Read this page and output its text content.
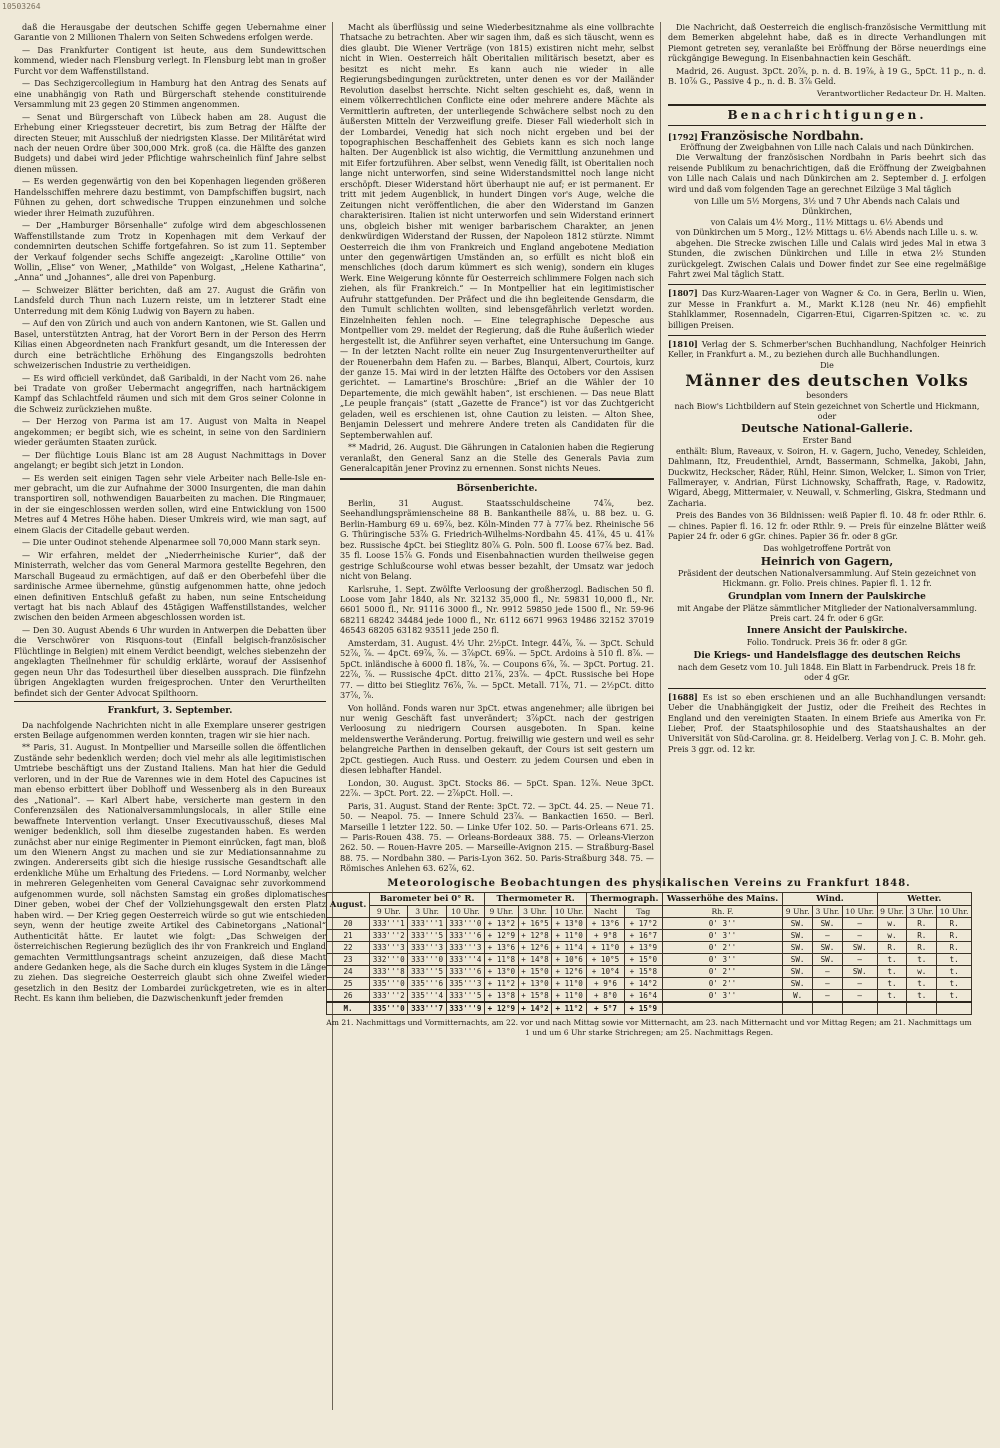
10503264

daß die Herausgabe der deutschen Schiffe gegen Uebernahme einer Garantie von 2 Millionen Thalern von Seiten Schwedens erfolgen werde.

— Das Frankfurter Contigent ist heute, aus dem Sundewittschen kommend, wieder nach Flensburg verlegt. In Flensburg lebt man in großer Furcht vor dem Waffenstillstand.

— Das Sechzigercollegium in Hamburg hat den Antrag des Senats auf eine unabhängig von Rath und Bürgerschaft stehende constituirende Versammlung mit 23 gegen 20 Stimmen angenommen.

— Senat und Bürgerschaft von Lübeck haben am 28. August die Erhebung einer Kriegssteuer decretirt, bis zum Betrag der Hälfte der directen Steuer, mit Ausschluß der niedrigsten Klasse. Der Militärétat wird nach der neuen Ordre über 300,000 Mrk. groß (ca. die Hälfte des ganzen Budgets) und dabei wird jeder Pflichtige wahrscheinlich fünf Jahre selbst dienen müssen.

— Es werden gegenwärtig von den bei Kopenhagen liegenden größeren Handelsschiffen mehrere dazu bestimmt, von Dampfschiffen bugsirt, nach Fühnen zu gehen, dort schwedische Truppen einzunehmen und solche wieder ihrer Heimath zuzuführen.

— Der „Hamburger Börsenhalle“ zufolge wird dem abgeschlossenen Waffenstillstande zum Trotz in Kopenhagen mit dem Verkauf der condemnirten deutschen Schiffe fortgefahren. So ist zum 11. September der Verkauf folgender sechs Schiffe angezeigt: „Karoline Ottilie“ von Wollin, „Elise“ von Wener, „Mathilde“ von Wolgast, „Helene Katharina“, „Anna“ und „Johannes“, alle drei von Papenburg.

— Schweizer Blätter berichten, daß am 27. August die Gräfin von Landsfeld durch Thun nach Luzern reiste, um in letzterer Stadt eine Unterredung mit dem König Ludwig von Bayern zu haben.

— Auf den von Zürich und auch von andern Kantonen, wie St. Gallen und Basel, unterstützten Antrag, hat der Vorort Bern in der Person des Herrn Kilias einen Abgeordneten nach Frankfurt gesandt, um die Interessen der durch eine beträchtliche Erhöhung des Eingangszolls bedrohten schweizerischen Industrie zu vertheidigen.

— Es wird officiell verkündet, daß Garibaldi, in der Nacht vom 26. nahe bei Tradate von großer Uebermacht angegriffen, nach hartnäckigem Kampf das Schlachtfeld räumen und sich mit dem Gros seiner Colonne in die Schweiz zurückziehen mußte.

— Der Herzog von Parma ist am 17. August von Malta in Neapel angekommen; er begibt sich, wie es scheint, in seine von den Sardiniern wieder geräumten Staaten zurück.

— Der flüchtige Louis Blanc ist am 28 August Nachmittags in Dover angelangt; er begibt sich jetzt in London.

— Es werden seit einigen Tagen sehr viele Arbeiter nach Belle-Isle en-mer gebracht, um die zur Aufnahme der 3000 Insurgenten, die man dahin transportiren soll, nothwendigen Bauarbeiten zu machen. Die Ringmauer, in der sie eingeschlossen werden sollen, wird eine Entwicklung von 1500 Metres auf 4 Metres Höhe haben. Dieser Umkreis wird, wie man sagt, auf einem Glacis der Citadelle gebaut werden.

— Die unter Oudinot stehende Alpenarmee soll 70,000 Mann stark seyn.

— Wir erfahren, meldet der „Niederrheinische Kurier“, daß der Ministerrath, welcher das vom General Marmora gestellte Begehren, den Marschall Bugeaud zu ermächtigen, auf daß er den Oberbefehl über die sardinische Armee übernehme, günstig aufgenommen hatte, ohne jedoch einen definitiven Entschluß gefaßt zu haben, nun seine Entscheidung vertagt hat bis nach Ablauf des 45tägigen Waffenstillstandes, welcher zwischen den beiden Armeen abgeschlossen worden ist.

— Den 30. August Abends 6 Uhr wurden in Antwerpen die Debatten über die Verschwörer von Risquons-tout (Einfall belgisch-französischer Flüchtlinge in Belgien) mit einem Verdict beendigt, welches siebenzehn der angeklagten Theilnehmer für schuldig erklärte, worauf der Assisenhof gegen neun Uhr das Todesurtheil über dieselben aussprach. Die fünfzehn übrigen Angeklagten wurden freigesprochen. Unter den Verurtheilten befindet sich der Genter Advocat Spilthoorn.

Frankfurt, 3. September.

Da nachfolgende Nachrichten nicht in alle Exemplare unserer gestrigen ersten Beilage aufgenommen werden konnten, tragen wir sie hier nach.

** Paris, 31. August. In Montpellier und Marseille sollen die öffentlichen Zustände sehr bedenklich werden; doch viel mehr als alle legitimistischen Umtriebe beschäftigt uns der Zustand Italiens. Man hat hier die Geduld verloren, und in der Rue de Varennes wie in dem Hotel des Capucines ist man ebenso erbittert über Doblhoff und Wessenberg als in den Bureaux des „National“. — Karl Albert habe, versicherte man gestern in den Conferenzsälen des Nationalversammlungslocals, in aller Stille eine bewaffnete Intervention verlangt. Unser Executivausschuß, dieses Mal weniger bedenklich, soll ihm dieselbe zugestanden haben. Es werden zunächst aber nur einige Regimenter in Piemont einrücken, fagt man, bloß um den Wienern Angst zu machen und sie zur Mediationsannahme zu zwingen. Andererseits gibt sich die hiesige russische Gesandtschaft alle erdenkliche Mühe um Erhaltung des Friedens. — Lord Normanby, welcher in mehreren Gelegenheiten vom General Cavaignac sehr zuvorkommend aufgenommen wurde, soll nächsten Samstag ein großes diplomatisches Diner geben, wobei der Chef der Vollziehungsgewalt den ersten Platz haben wird. — Der Krieg gegen Oesterreich würde so gut wie entschieden seyn, wenn der heutige zweite Artikel des Cabinetorgans „National“ Authenticität hätte. Er lautet wie folgt: „Das Schweigen der österreichischen Regierung bezüglich des ihr von Frankreich und England gemachten Vermittlungsantrags scheint anzuzeigen, daß diese Macht andere Gedanken hege, als die Sache durch ein kluges System in die Länge zu ziehen. Das siegreiche Oesterreich glaubt sich ohne Zweifel wieder gesetzlich in den Besitz der Lombardei zurückgetreten, wie es in alter Recht. Es kann ihm belieben, die Dazwischenkunft jeder fremden

Macht als überflüssig und seine Wiederbesitznahme als eine vollbrachte Thatsache zu betrachten. Aber wir sagen ihm, daß es sich täuscht, wenn es dies glaubt. Die Wiener Verträge (von 1815) existiren nicht mehr, selbst nicht in Wien. Oesterreich hält Oberitalien militärisch besetzt, aber es besitzt es nicht mehr. Es kann auch nie wieder in alle Regierungsbedingungen zurücktreten, unter denen es vor der Mailänder Revolution daselbst herrschte. Nicht selten geschieht es, daß, wenn in einem völkerrechtlichen Conflicte eine oder mehrere andere Mächte als Vermittlerin auftreten, der unterliegende Schwächere selbst noch zu den äußersten Mitteln der Verzweiflung greife. Dieser Fall wiederholt sich in der Lombardei, Venedig hat sich noch nicht ergeben und bei der topographischen Beschaffenheit des Gebiets kann es sich noch lange halten. Der Augenblick ist also wichtig, die Vermittlung anzunehmen und mit Eifer fortzuführen. Aber selbst, wenn Venedig fällt, ist Oberitalien noch lange nicht unterworfen, sind seine Widerstandsmittel noch lange nicht erschöpft. Dieser Widerstand hört überhaupt nie auf; er ist permanent. Er tritt mit jedem Augenblick, in hundert Dingen vor's Auge, welche die Zeitungen nicht veröffentlichen, die aber den Widerstand im Ganzen charakterisiren. Italien ist nicht unterworfen und sein Widerstand erinnert uns, obgleich bisher mit weniger barbarischem Charakter, an jenen denkwürdigen Widerstand der Russen, der Napoleon 1812 stürzte. Nimmt Oesterreich die ihm von Frankreich und England angebotene Mediation unter den gegenwärtigen Umständen an, so erfüllt es nicht bloß ein menschliches (doch darum kümmert es sich wenig), sondern ein kluges Werk. Eine Weigerung könnte für Oesterreich schlimmere Folgen nach sich ziehen, als für Frankreich.“ — In Montpellier hat ein legitimistischer Aufruhr stattgefunden. Der Präfect und die ihn begleitende Gensdarm, die den Tumult schlichten wollten, sind lebensgefährlich verletzt worden. Einzelnheiten fehlen noch. — Eine telegraphische Depesche aus Montpellier vom 29. meldet der Regierung, daß die Ruhe äußerlich wieder hergestellt ist, die Anführer seyen verhaftet, eine Untersuchung im Gange. — In der letzten Nacht rollte ein neuer Zug Insurgentenverurtheilter auf der Rouenerbahn dem Hafen zu. — Barbes, Blanqui, Albert, Courtois, kurz der ganze 15. Mai wird in der letzten Hälfte des Octobers vor den Assisen gerichtet. — Lamartine's Broschüre: „Brief an die Wähler der 10 Departemente, die mich gewählt haben“, ist erschienen. — Das neue Blatt „Le peuple français“ (statt „Gazette de France“) ist vor das Zuchtgericht geladen, weil es erschienen ist, ohne Caution zu leisten. — Alton Shee, Benjamin Delessert und mehrere Andere treten als Candidaten für die Septemberwahlen auf.

** Madrid, 26. August. Die Gährungen in Catalonien haben die Regierung veranlaßt, den General Sanz an die Stelle des Generals Pavia zum Generalcapitän jener Provinz zu ernennen. Sonst nichts Neues.

Börsenberichte.

Berlin, 31 August. Staatsschuldscheine 74⅞, bez. Seehandlungsprämienscheine 88 B. Bankantheile 88⅞, u. 88 bez. u. G. Berlin-Hamburg 69 u. 69⅞, bez. Köln-Minden 77 à 77⅞ bez. Rheinische 56 G. Thüringische 53⅞ G. Friedrich-Wilhelms-Nordbahn 45. 41⅞, 45 u. 41⅞ bez. Russische 4pCt. bei Stieglitz 80⅞ G. Poln. 500 fl. Loose 67⅞ bez. Bad. 35 fl. Loose 15⅞ G. Fonds und Eisenbahnactien wurden theilweise gegen gestrige Schlußcourse wohl etwas besser bezahlt, der Umsatz war jedoch nicht von Belang.

Karlsruhe, 1. Sept. Zwölfte Verloosung der großherzogl. Badischen 50 fl. Loose vom Jahr 1840, als Nr. 32132 35,000 fl., Nr. 59831 10,000 fl., Nr. 6601 5000 fl., Nr. 91116 3000 fl., Nr. 9912 59850 jede 1500 fl., Nr. 59-96 68211 68242 34484 jede 1000 fl., Nr. 6112 6671 9963 19486 32152 37019 46543 68205 63182 93511 jede 250 fl.

Amsterdam, 31. August. 4½ Uhr. 2½pCt. Integr. 44⅞, ⅞. — 3pCt. Schuld 52⅞, ⅞. — 4pCt. 69⅞, ⅞. — 3⅞pCt. 69⅞. — 5pCt. Ardoins à 510 fl. 8⅞. — 5pCt. inländische à 6000 fl. 18⅞, ⅞. — Coupons 6⅞, ⅞. — 3pCt. Portug. 21. 22⅞, ⅞. — Russische 4pCt. ditto 21⅞, 23⅞. — 4pCt. Russische bei Hope 77. — ditto bei Stieglitz 76⅞, ⅞. — 5pCt. Metall. 71⅞, 71. — 2½pCt. ditto 37⅞, ⅞.

Von holländ. Fonds waren nur 3pCt. etwas angenehmer; alle übrigen bei nur wenig Geschäft fast unverändert; 3⅞pCt. nach der gestrigen Verloosung zu niedrigern Coursen ausgeboten. In Span. keine meldenswerthe Veränderung. Portug. freiwillig wie gestern und weil es sehr belangreiche Parthen in denselben gekauft, der Cours ist seit gestern um 2pCt. gestiegen. Auch Russ. und Oesterr. zu jedem Coursen und eben in diesen lebhafter Handel.

London, 30. August. 3pCt. Stocks 86. — 5pCt. Span. 12⅞. Neue 3pCt. 22⅞. — 3pCt. Port. 22. — 2⅞pCt. Holl. —.

Paris, 31. August. Stand der Rente: 3pCt. 72. — 3pCt. 44. 25. — Neue 71. 50. — Neapol. 75. — Innere Schuld 23⅞. — Bankactien 1650. — Berl. Marseille 1 letzter 122. 50. — Linke Ufer 102. 50. — Paris-Orleans 671. 25. — Paris-Rouen 438. 75. — Orleans-Bordeaux 388. 75. — Orleans-Vierzon 262. 50. — Rouen-Havre 205. — Marseille-Avignon 215. — Straßburg-Basel 88. 75. — Nordbahn 380. — Paris-Lyon 362. 50. Paris-Straßburg 348. 75. — Römisches Anlehen 63. 62⅞, 62.

Die Nachricht, daß Oesterreich die englisch-französische Vermittlung mit dem Bemerken abgelehnt habe, daß es in directe Verhandlungen mit Piemont getreten sey, veranlaßte bei Eröffnung der Börse neuerdings eine rückgängige Bewegung. In Eisenbahnactien kein Geschäft.

Madrid, 26. August. 3pCt. 20⅞, p. n. d. B. 19⅞, à 19 G., 5pCt. 11 p., n. d. B. 10⅞ G., Passive 4 p., n. d. B. 3⅞ Geld.

Verantwortlicher Redacteur Dr. H. Malten.

Benachrichtigungen.
[1792] Französische Nordbahn.
Eröffnung der Zweigbahnen von Lille nach Calais und nach Dünkirchen.

Die Verwaltung der französischen Nordbahn in Paris beehrt sich das reisende Publikum zu benachrichtigen, daß die Eröffnung der Zweigbahnen von Lille nach Calais und nach Dünkirchen am 2. September d. J. erfolgen wird und daß vom folgenden Tage an gerechnet Eilzüge 3 Mal täglich

von Lille um 5½ Morgens, 3½ und 7 Uhr Abends nach Calais und Dünkirchen,
von Calais um 4½ Morg., 11½ Mittags u. 6½ Abends und
von Dünkirchen um 5 Morg., 12½ Mittags u. 6½ Abends nach Lille u. s. w.

abgehen. Die Strecke zwischen Lille und Calais wird jedes Mal in etwa 3 Stunden, die zwischen Dünkirchen und Lille in etwa 2½ Stunden zurückgelegt. Zwischen Calais und Dower findet zur See eine regelmäßige Fahrt zwei Mal täglich Statt.

[1807] Das Kurz-Waaren-Lager von Wagner & Co. in Gera, Berlin u. Wien, zur Messe in Frankfurt a. M., Markt K.128 (neu Nr. 46) empfiehlt Stahlklammer, Rosennadeln, Cigarren-Etui, Cigarren-Spitzen ꝛc. ꝛc. zu billigen Preisen.
[1810] Verlag der S. Schmerber'schen Buchhandlung, Nachfolger Heinrich Keller, in Frankfurt a. M., zu beziehen durch alle Buchhandlungen.
Die
Männer des deutschen Volks
besonders
nach Biow's Lichtbildern auf Stein gezeichnet von Schertle und Hickmann,
oder
Deutsche National-Gallerie.
Erster Band

enthält: Blum, Raveaux, v. Soiron, H. v. Gagern, Jucho, Venedey, Schleiden, Dahlmann, Itz, Freudenthiel, Arndt, Bassermann, Schmelka, Jakobi, Jahn, Duckwitz, Heckscher, Räder, Rühl, Heinr. Simon, Welcker, L. Simon von Trier, Fallmerayer, v. Andrian, Fürst Lichnowsky, Schaffrath, Rage, v. Radowitz, Wigard, Abegg, Mittermaier, v. Neuwall, v. Schmerling, Giskra, Stedmann und Zacharia.

Preis des Bandes von 36 Bildnissen: weiß Papier fl. 10. 48 fr. oder Rthlr. 6. — chines. Papier fl. 16. 12 fr. oder Rthlr. 9. — Preis für einzelne Blätter weiß Papier 24 fr. oder 6 gGr. chines. Papier 36 fr. oder 8 gGr.

Das wohlgetroffene Porträt von
Heinrich von Gagern,
Präsident der deutschen Nationalversammlung. Auf Stein gezeichnet von Hickmann. gr. Folio. Preis chines. Papier fl. 1. 12 fr.
Grundplan vom Innern der Paulskirche
mit Angabe der Plätze sämmtlicher Mitglieder der Nationalversammlung. Preis cart. 24 fr. oder 6 gGr.
Innere Ansicht der Paulskirche.
Folio. Tondruck. Preis 36 fr. oder 8 gGr.
Die Kriegs- und Handelsflagge des deutschen Reichs
nach dem Gesetz vom 10. Juli 1848. Ein Blatt in Farbendruck. Preis 18 fr. oder 4 gGr.
[1688] Es ist so eben erschienen und an alle Buchhandlungen versandt: Ueber die Unabhängigkeit der Justiz, oder die Freiheit des Rechtes in England und den vereinigten Staaten. In einem Briefe aus Amerika von Fr. Lieber, Prof. der Staatsphilosophie und des Staatshaushaltes an der Universität von Süd-Carolina. gr. 8. Heidelberg. Verlag von J. C. B. Mohr. geh. Preis 3 ggr. od. 12 kr.
Meteorologische Beobachtungen des physikalischen Vereins zu Frankfurt 1848.
August.	Barometer bei 0° R.			Thermometer R.			Thermograph.		Wasserhöhe des Mains.	Wind.			Wetter.		
	9 Uhr.	3 Uhr.	10 Uhr.	9 Uhr.	3 Uhr.	10 Uhr.	Nacht	Tag	Rh. F.	9 Uhr.	3 Uhr.	10 Uhr.	9 Uhr.	3 Uhr.	10 Uhr.
20	333'''1	333'''1	333'''0	+ 13°2	+ 16°5	+ 13°0	+ 13°6	+ 17°2	0' 3''	SW.	SW.	—	w.	R.	R.
21	333'''2	333'''5	333'''6	+ 12°9	+ 12°8	+ 11°0	+ 9°8	+ 16°7	0' 3''	SW.	—	—	w.	R.	R.
22	333'''3	333'''3	333'''3	+ 13°6	+ 12°6	+ 11°4	+ 11°0	+ 13°9	0' 2''	SW.	SW.	SW.	R.	R.	R.
23	332'''0	333'''0	333'''4	+ 11°8	+ 14°8	+ 10°6	+ 10°5	+ 15°0	0' 3''	SW.	SW.	—	t.	t.	t.
24	333'''8	333'''5	333'''6	+ 13°0	+ 15°0	+ 12°6	+ 10°4	+ 15°8	0' 2''	SW.	—	SW.	t.	w.	t.
25	335'''0	335'''6	335'''3	+ 11°2	+ 13°0	+ 11°0	+ 9°6	+ 14°2	0' 2''	SW.	—	—	t.	t.	t.
26	333'''2	335'''4	333'''5	+ 13°8	+ 15°8	+ 11°0	+ 8°0	+ 16°4	0' 3''	W.	—	—	t.	t.	t.
M.	335'''0	333'''7	333'''9	+ 12°9	+ 14°2	+ 11°2	+ 5°7	+ 15°9							
Am 21. Nachmittags und Vormitternachts, am 22. vor und nach Mittag sowie vor Mitternacht, am 23. nach Mitternacht und vor Mittag Regen; am 21. Nachmittags um 1 und um 6 Uhr starke Strichregen; am 25. Nachmittags Regen.
